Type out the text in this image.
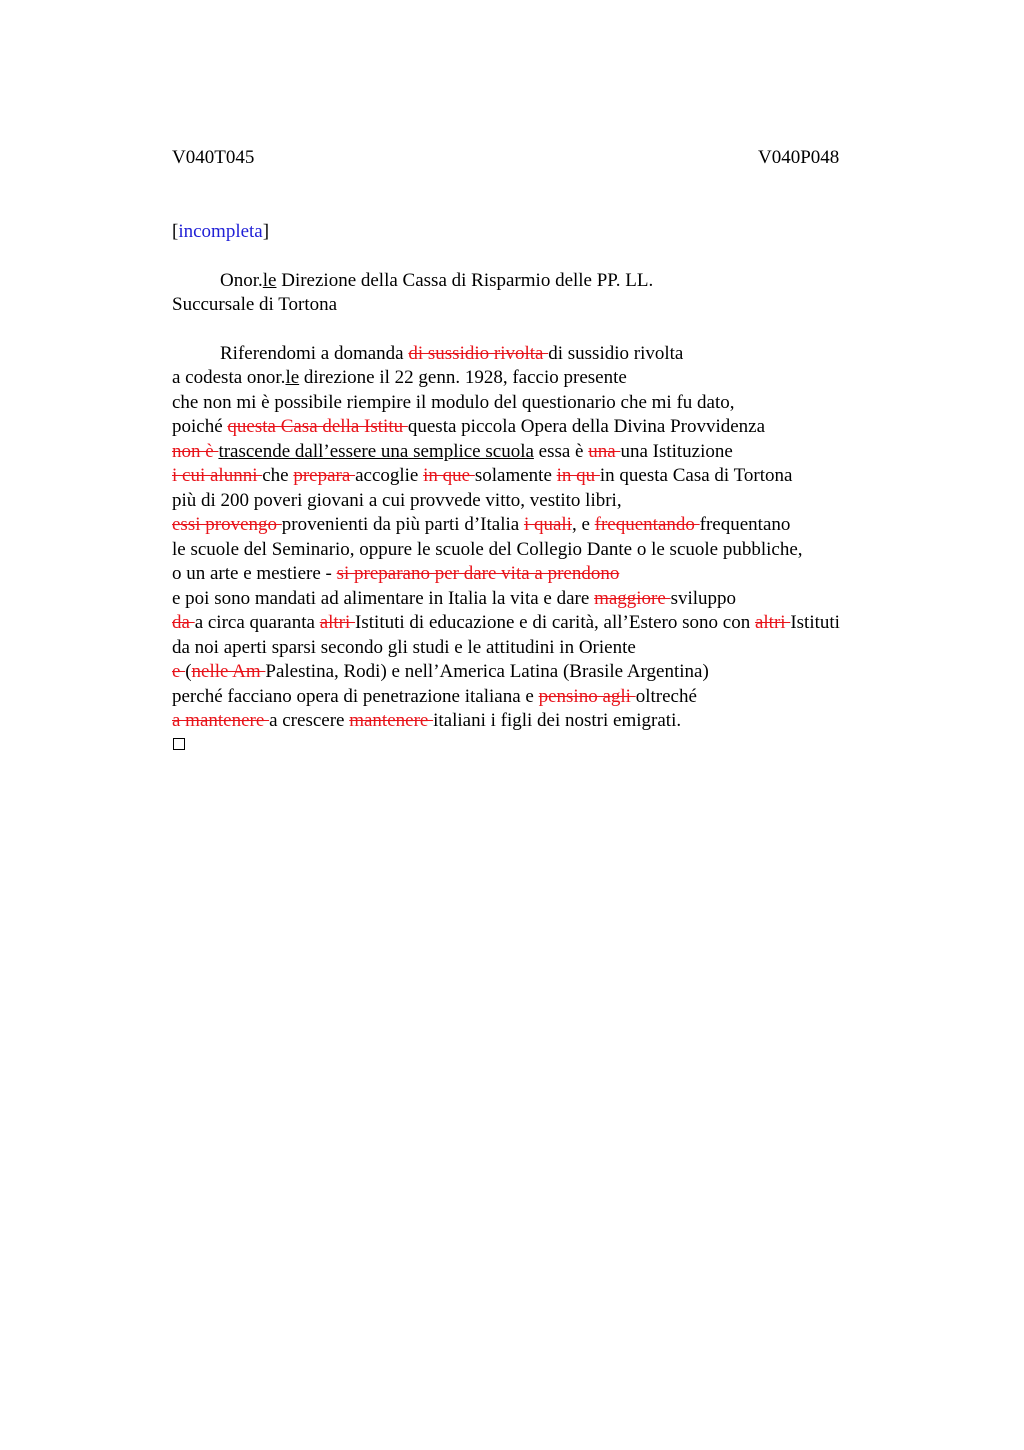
V040T045	V040P048
[incompleta]
Onor.le Direzione della Cassa di Risparmio delle PP. LL.
Succursale di Tortona
Riferendomi a domanda di sussidio rivolta di sussidio rivolta
a codesta onor.le direzione il 22 genn. 1928, faccio presente
che non mi è possibile riempire il modulo del questionario che mi fu dato,
poiché questa Casa della Istitu questa piccola Opera della Divina Provvidenza
non è trascende dall’essere una semplice scuola essa è una una Istituzione
i cui alunni che prepara accoglie in que solamente in qu in questa Casa di Tortona
più di 200 poveri giovani a cui provvede vitto, vestito libri,
essi provengo provenienti da più parti d’Italia i quali, e frequentando frequentano
le scuole del Seminario, oppure le scuole del Collegio Dante o le scuole pubbliche,
o un arte e mestiere - si preparano per dare vita a prendono
e poi sono mandati ad alimentare in Italia la vita e dare maggiore sviluppo
da a circa quaranta altri Istituti di educazione e di carità, all’Estero sono con altri Istituti
da noi aperti sparsi secondo gli studi e le attitudini in Oriente
e (nelle Am Palestina, Rodi) e nell’America Latina (Brasile Argentina)
perché facciano opera di penetrazione italiana e pensino agli oltreché
a mantenere a crescere mantenere italiani i figli dei nostri emigrati.
